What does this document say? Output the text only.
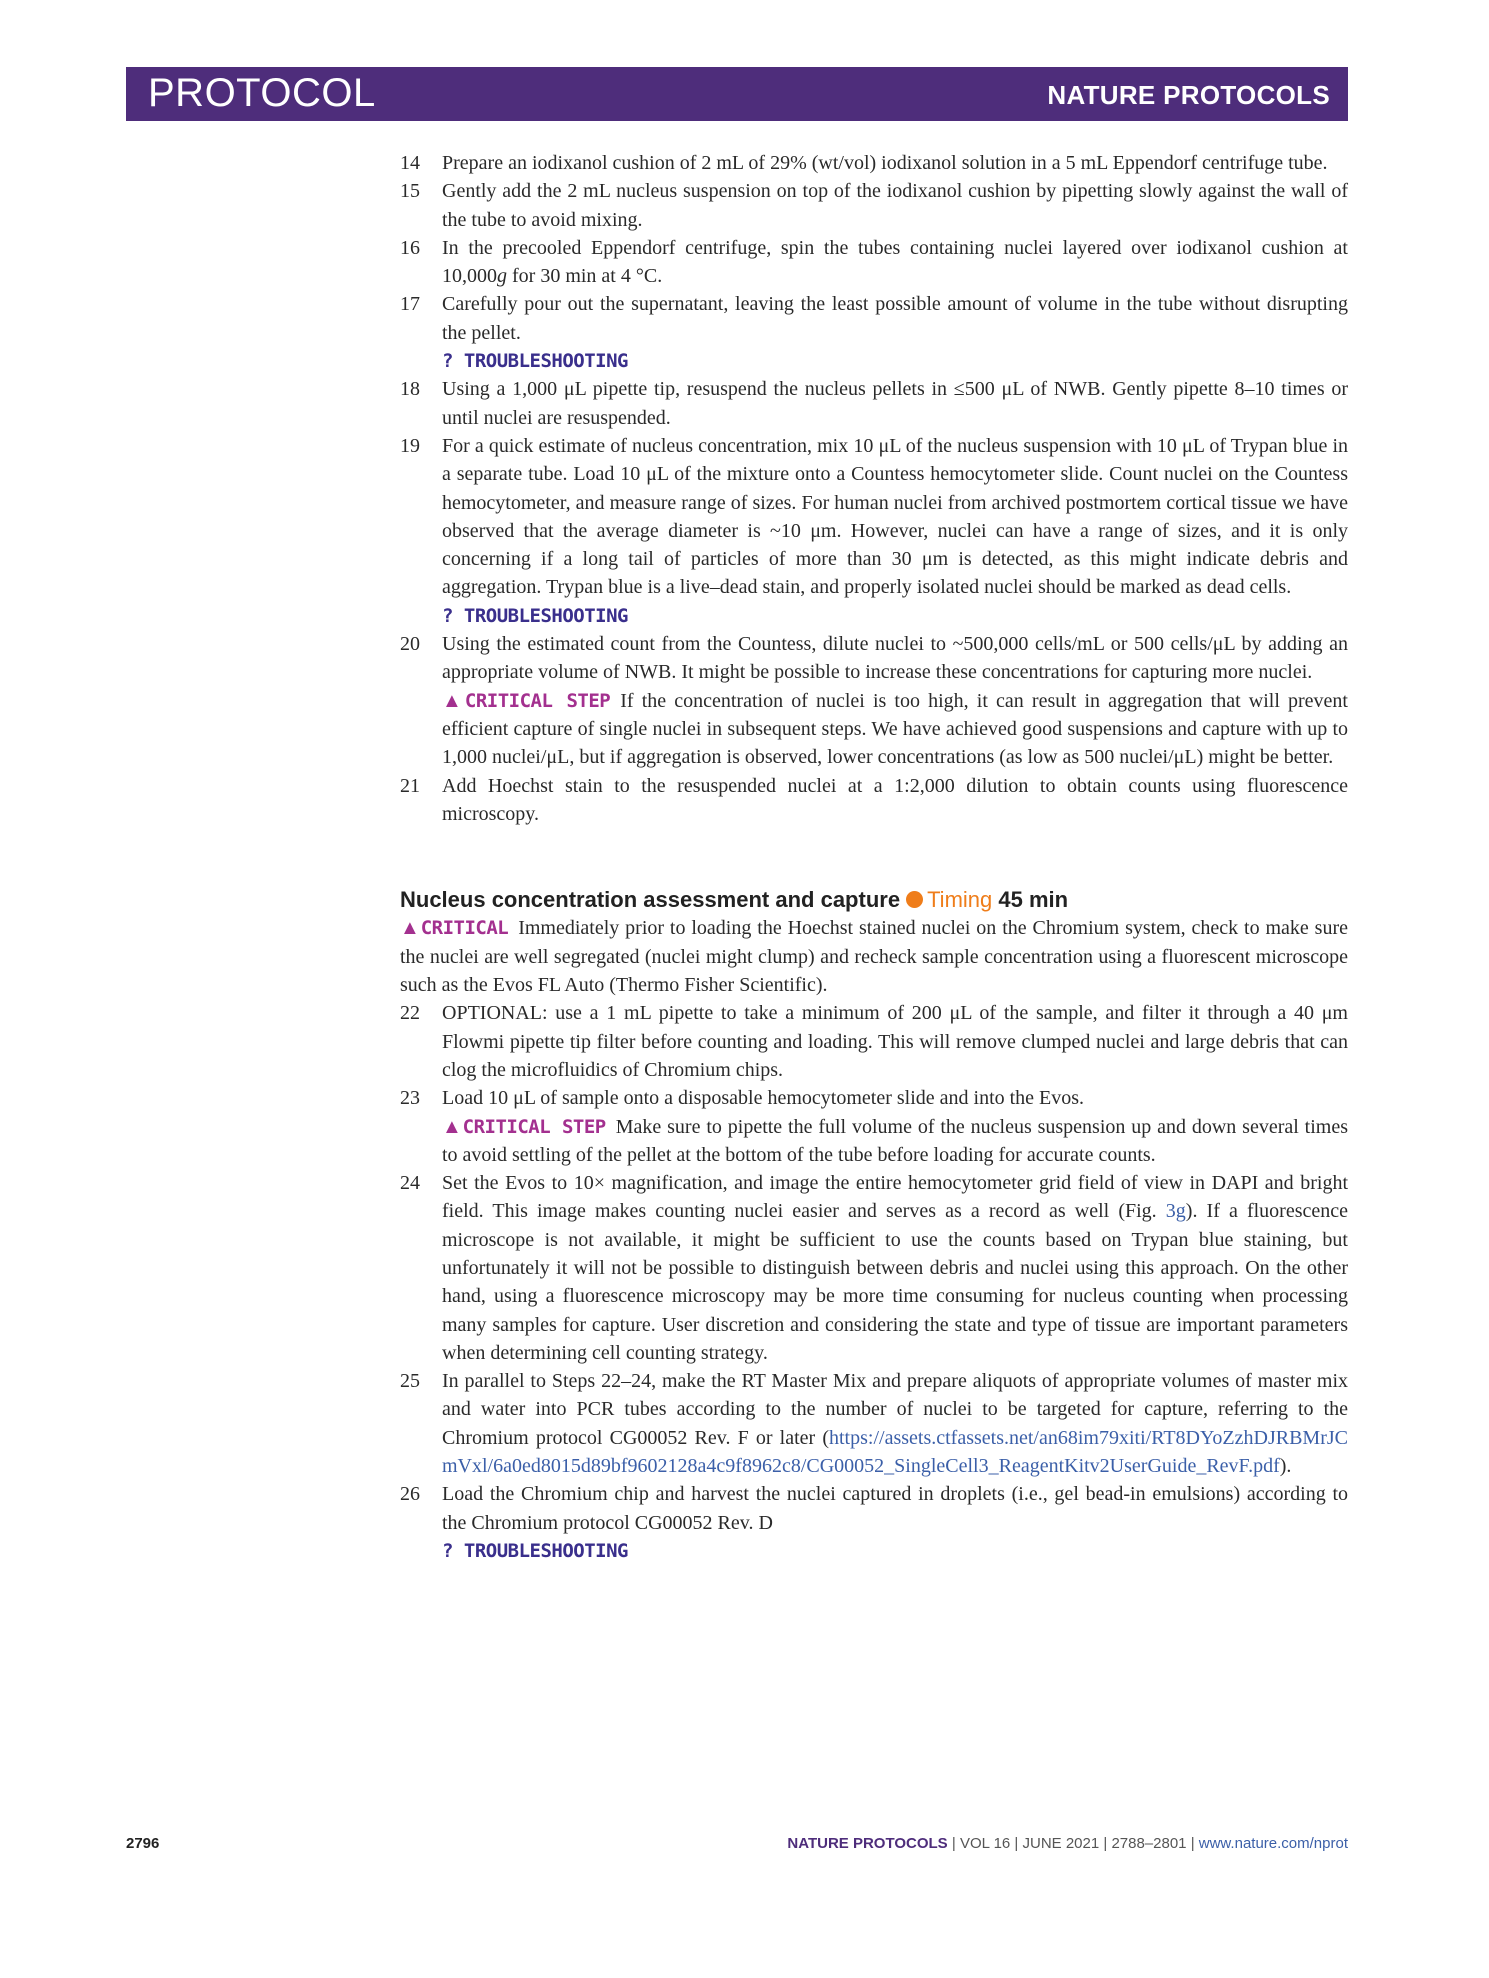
PROTOCOL	NATURE PROTOCOLS
14 Prepare an iodixanol cushion of 2 mL of 29% (wt/vol) iodixanol solution in a 5 mL Eppendorf centrifuge tube.
15 Gently add the 2 mL nucleus suspension on top of the iodixanol cushion by pipetting slowly against the wall of the tube to avoid mixing.
16 In the precooled Eppendorf centrifuge, spin the tubes containing nuclei layered over iodixanol cushion at 10,000g for 30 min at 4 °C.
17 Carefully pour out the supernatant, leaving the least possible amount of volume in the tube without disrupting the pellet.
? TROUBLESHOOTING
18 Using a 1,000 μL pipette tip, resuspend the nucleus pellets in ≤500 μL of NWB. Gently pipette 8–10 times or until nuclei are resuspended.
19 For a quick estimate of nucleus concentration, mix 10 μL of the nucleus suspension with 10 μL of Trypan blue in a separate tube. Load 10 μL of the mixture onto a Countess hemocytometer slide. Count nuclei on the Countess hemocytometer, and measure range of sizes. For human nuclei from archived postmortem cortical tissue we have observed that the average diameter is ~10 μm. However, nuclei can have a range of sizes, and it is only concerning if a long tail of particles of more than 30 μm is detected, as this might indicate debris and aggregation. Trypan blue is a live–dead stain, and properly isolated nuclei should be marked as dead cells.
? TROUBLESHOOTING
20 Using the estimated count from the Countess, dilute nuclei to ~500,000 cells/mL or 500 cells/μL by adding an appropriate volume of NWB. It might be possible to increase these concentrations for capturing more nuclei.
▲CRITICAL STEP If the concentration of nuclei is too high, it can result in aggregation that will prevent efficient capture of single nuclei in subsequent steps. We have achieved good suspensions and capture with up to 1,000 nuclei/μL, but if aggregation is observed, lower concentrations (as low as 500 nuclei/μL) might be better.
21 Add Hoechst stain to the resuspended nuclei at a 1:2,000 dilution to obtain counts using fluorescence microscopy.
Nucleus concentration assessment and capture Timing 45 min
▲CRITICAL Immediately prior to loading the Hoechst stained nuclei on the Chromium system, check to make sure the nuclei are well segregated (nuclei might clump) and recheck sample concentration using a fluorescent microscope such as the Evos FL Auto (Thermo Fisher Scientific).
22 OPTIONAL: use a 1 mL pipette to take a minimum of 200 μL of the sample, and filter it through a 40 μm Flowmi pipette tip filter before counting and loading. This will remove clumped nuclei and large debris that can clog the microfluidics of Chromium chips.
23 Load 10 μL of sample onto a disposable hemocytometer slide and into the Evos.
▲CRITICAL STEP Make sure to pipette the full volume of the nucleus suspension up and down several times to avoid settling of the pellet at the bottom of the tube before loading for accurate counts.
24 Set the Evos to 10× magnification, and image the entire hemocytometer grid field of view in DAPI and bright field. This image makes counting nuclei easier and serves as a record as well (Fig. 3g). If a fluorescence microscope is not available, it might be sufficient to use the counts based on Trypan blue staining, but unfortunately it will not be possible to distinguish between debris and nuclei using this approach. On the other hand, using a fluorescence microscopy may be more time consuming for nucleus counting when processing many samples for capture. User discretion and considering the state and type of tissue are important parameters when determining cell counting strategy.
25 In parallel to Steps 22–24, make the RT Master Mix and prepare aliquots of appropriate volumes of master mix and water into PCR tubes according to the number of nuclei to be targeted for capture, referring to the Chromium protocol CG00052 Rev. F or later (https://assets.ctfassets.net/an68im79xiti/RT8DYoZzhDJRBMrJCmVxl/6a0ed8015d89bf9602128a4c9f8962c8/CG00052_SingleCell3_ReagentKitv2UserGuide_RevF.pdf).
26 Load the Chromium chip and harvest the nuclei captured in droplets (i.e., gel bead-in emulsions) according to the Chromium protocol CG00052 Rev. D
? TROUBLESHOOTING
2796	NATURE PROTOCOLS | VOL 16 | JUNE 2021 | 2788–2801 | www.nature.com/nprot
